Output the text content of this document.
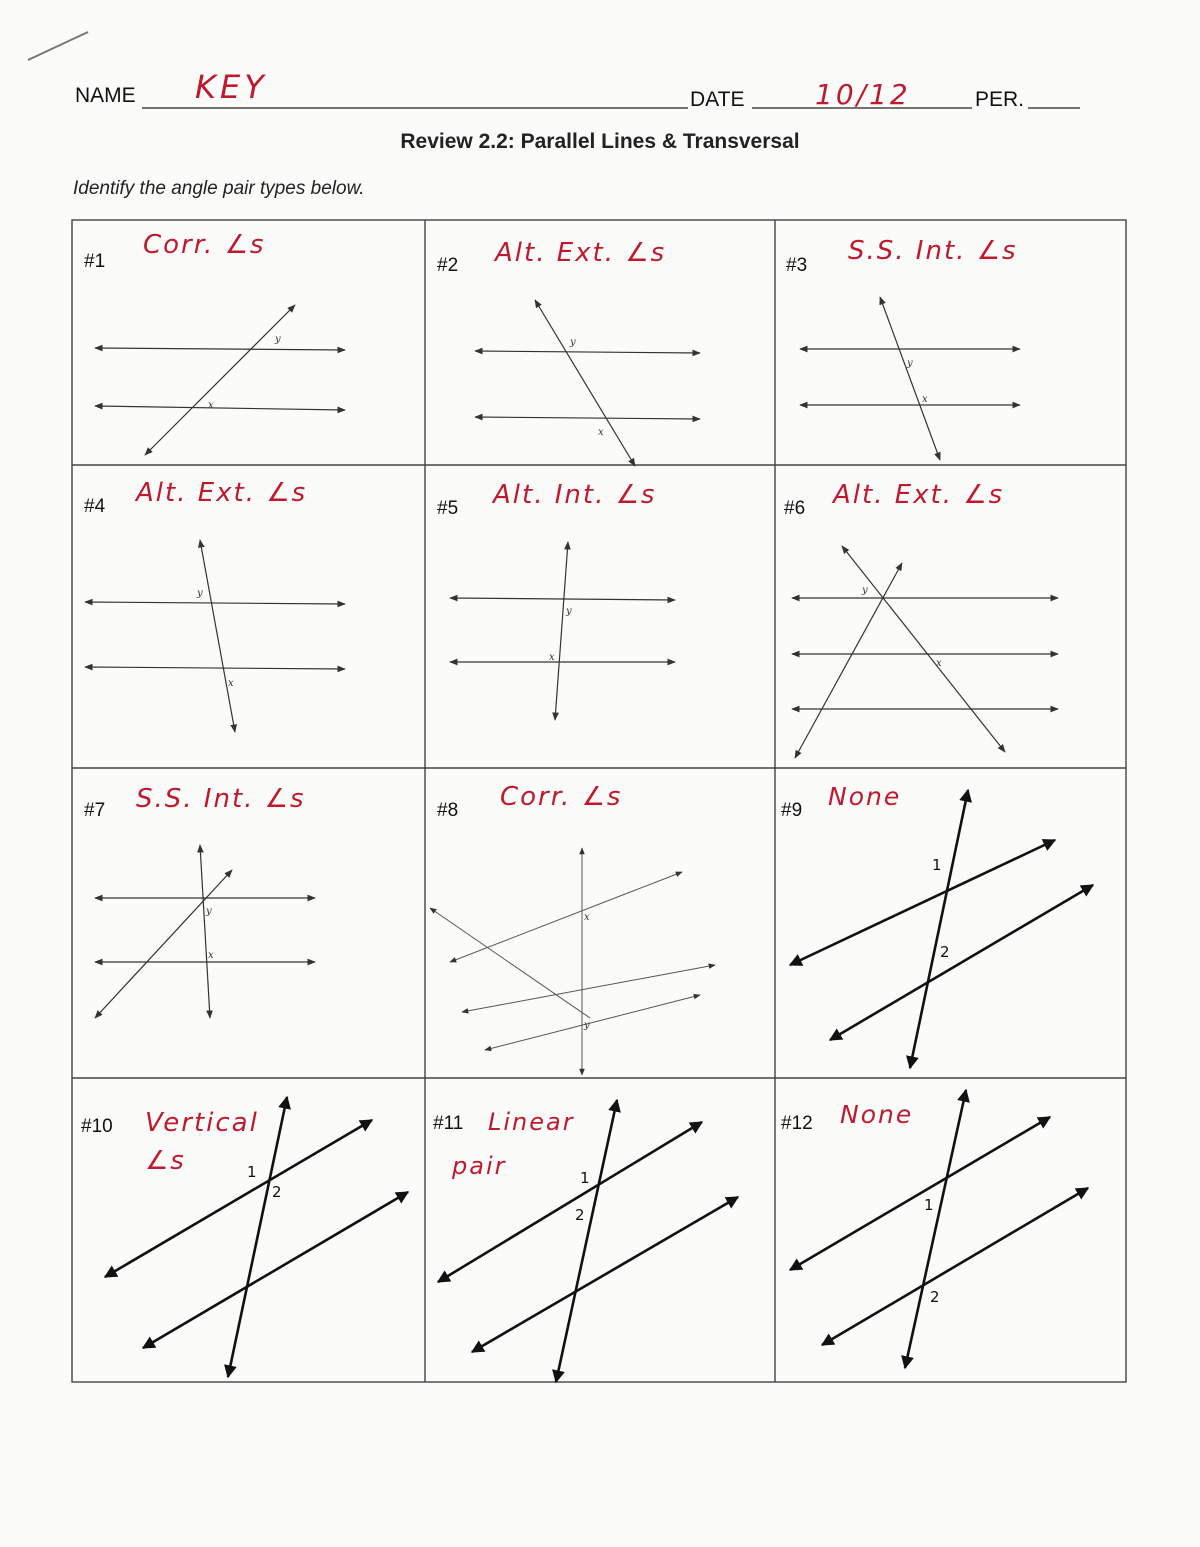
y
x
y
x
y
x
y
x
y
x
y
x
y
x
x
y
1
2
1
2
1
2
1
2
NAME KEY	DATE	10/12	PER.
Review 2.2: Parallel Lines & Transversal
Identify the angle pair types below.
#1
Corr. ∠s
#2 Alt. Ext. ∠s	#3 S.S. Int. ∠s
#4 Alt. Ext. ∠s
#5 Alt. Int. ∠s	#6 Alt. Ext. ∠s
#7 S.S. Int. ∠s	#8 Corr. ∠s	#9 None
#10 Vertical ∠s
#11	Linear pair
#12 None
